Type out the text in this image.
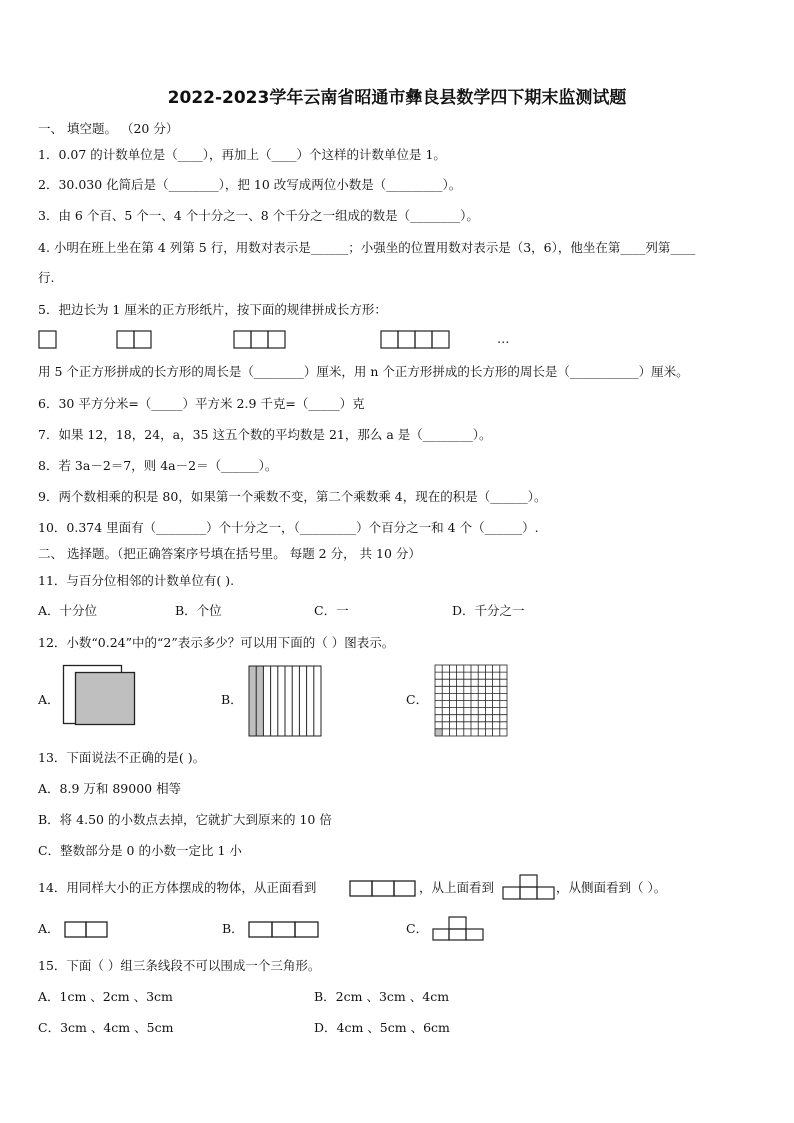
2022-2023学年云南省昭通市彝良县数学四下期末监测试题
一、 填空题。 （20 分）
1．0.07 的计数单位是（____），再加上（____）个这样的计数单位是 1。
2．30.030 化简后是（________），把 10 改写成两位小数是（_________）。
3．由 6 个百、5 个一、4 个十分之一、8 个千分之一组成的数是（________）。
4. 小明在班上坐在第 4 列第 5 行，用数对表示是______；小强坐的位置用数对表示是（3，6），他坐在第____列第____
行.
5．把边长为 1 厘米的正方形纸片，按下面的规律拼成长方形：
…
用 5 个正方形拼成的长方形的周长是（________）厘米，用 n 个正方形拼成的长方形的周长是（___________）厘米。
6．30 平方分米=（_____）平方米 2.9 千克=（_____）克
7．如果 12，18，24，a，35 这五个数的平均数是 21，那么 a 是（________）。
8．若 3a－2＝7，则 4a－2＝（______）。
9．两个数相乘的积是 80，如果第一个乘数不变，第二个乘数乘 4，现在的积是（______）。
10．0.374 里面有（________）个十分之一，（_________）个百分之一和 4 个（______）.
二、 选择题。（把正确答案序号填在括号里。 每题 2 分， 共 10 分）
11．与百分位相邻的计数单位有( ).
A．十分位	B．个位	C．一	D．千分之一
12．小数“0.24”中的“2”表示多少？可以用下面的（ ）图表示。
A．	B．	C．
13．下面说法不正确的是( )。
A．8.9 万和 89000 相等
B．将 4.50 的小数点去掉，它就扩大到原来的 10 倍
C．整数部分是 0 的小数一定比 1 小
14．用同样大小的正方体摆成的物体，从正面看到	，从上面看到	，从侧面看到（ ）。
A．	B．	C．
15．下面（ ）组三条线段不可以围成一个三角形。
A．1cm 、2cm 、3cm	B．2cm 、3cm 、4cm
C．3cm 、4cm 、5cm	D．4cm 、5cm 、6cm
